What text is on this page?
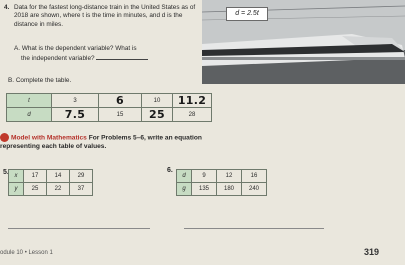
4. Data for the fastest long-distance train in the United States as of 2018 are shown, where t is the time in minutes, and d is the distance in miles.
A. What is the dependent variable? What is
the independent variable?
B. Complete the table.
d = 2.5t
t	3	6	10	11.2
d	7.5	15	25	28
Model with Mathematics For Problems 5–6, write an equation
representing each table of values.
5. x	17	14	29
y	25	22	37
6.
d	9	12	16
g	135	180	240
odule 10 • Lesson 1	319
